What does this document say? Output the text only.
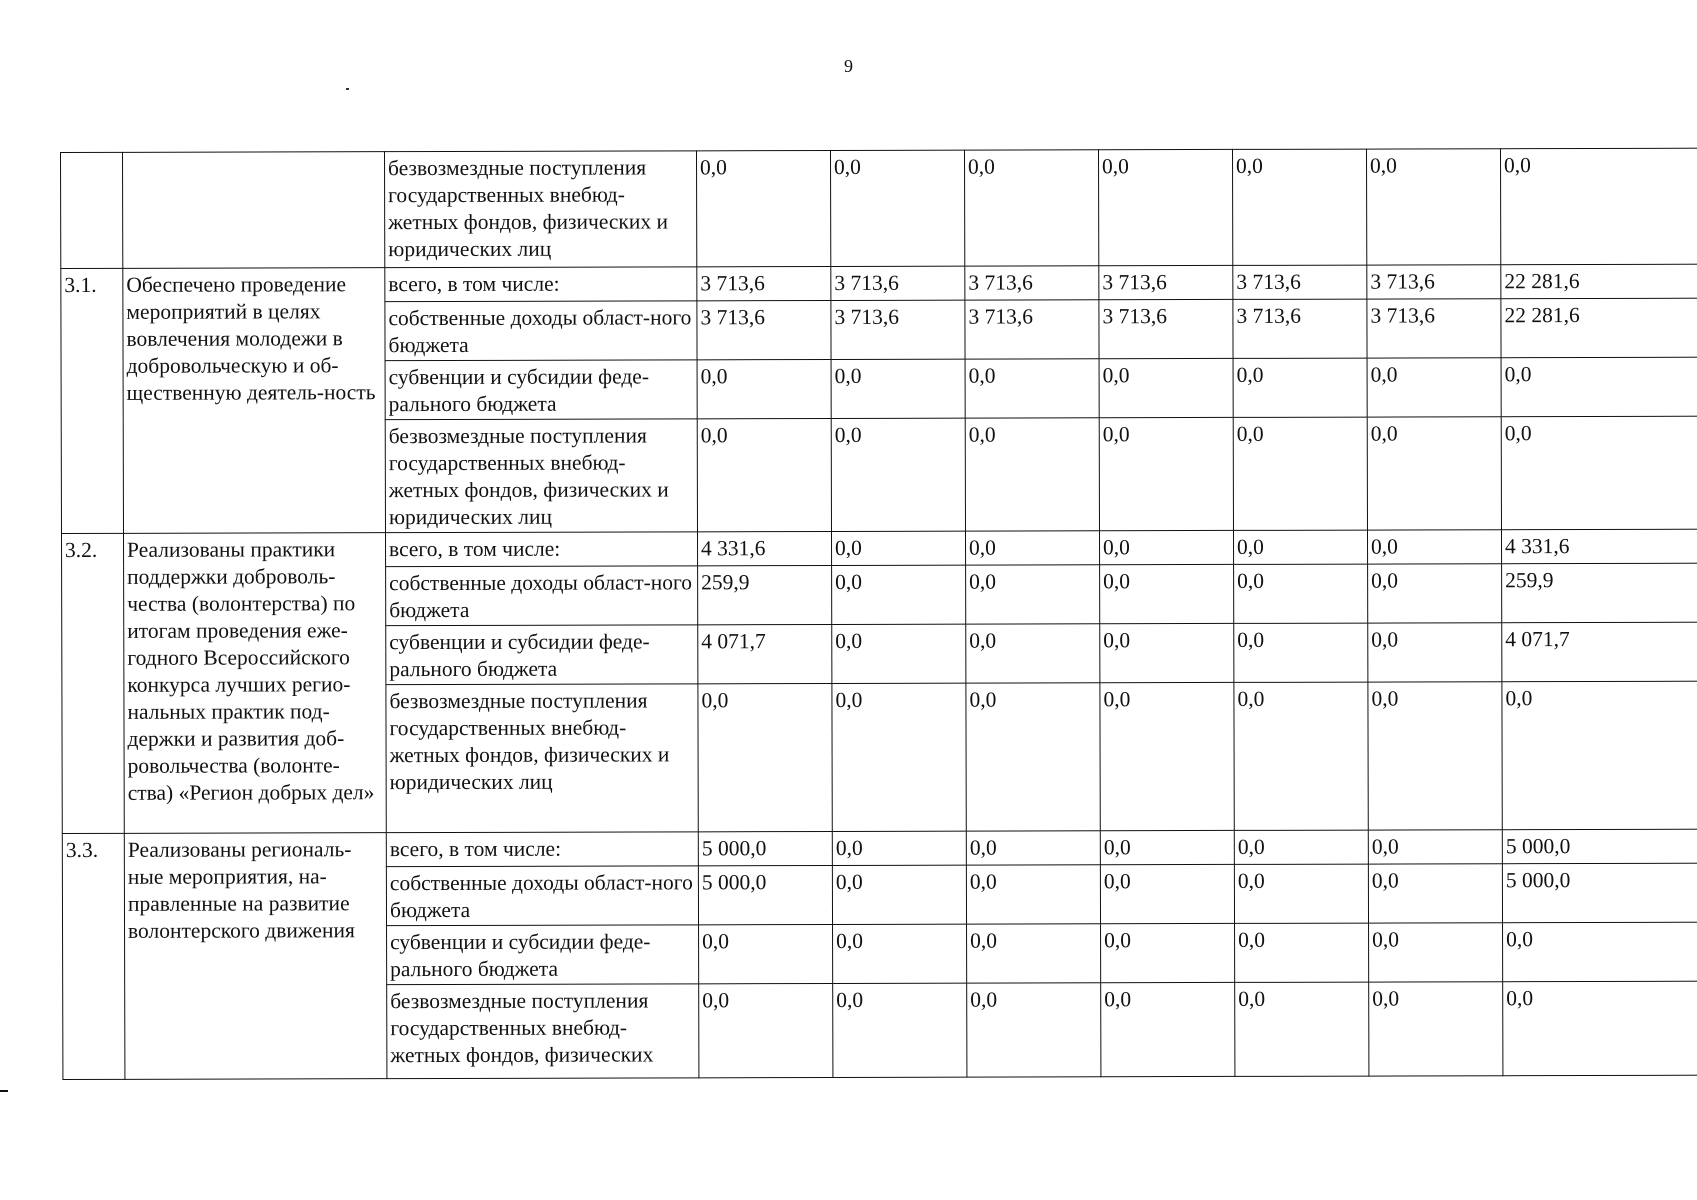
9
		безвозмездные поступления государственных внебюд-жетных фондов, физических и юридических лиц	0,0	0,0	0,0	0,0	0,0	0,0	0,0
3.1.	Обеспечено проведение мероприятий в целях вовлечения молодежи в добровольческую и об-щественную деятель-ность	всего, в том числе:	3 713,6	3 713,6	3 713,6	3 713,6	3 713,6	3 713,6	22 281,6
		собственные доходы област-ного бюджета	3 713,6	3 713,6	3 713,6	3 713,6	3 713,6	3 713,6	22 281,6
		субвенции и субсидии феде-рального бюджета	0,0	0,0	0,0	0,0	0,0	0,0	0,0
		безвозмездные поступления государственных внебюд-жетных фондов, физических и юридических лиц	0,0	0,0	0,0	0,0	0,0	0,0	0,0
3.2.	Реализованы практики поддержки доброволь-чества (волонтерства) по итогам проведения еже-годного Всероссийского конкурса лучших регио-нальных практик под-держки и развития доб-ровольчества (волонте-ства) «Регион добрых дел»	всего, в том числе:	4 331,6	0,0	0,0	0,0	0,0	0,0	4 331,6
		собственные доходы област-ного бюджета	259,9	0,0	0,0	0,0	0,0	0,0	259,9
		субвенции и субсидии феде-рального бюджета	4 071,7	0,0	0,0	0,0	0,0	0,0	4 071,7
		безвозмездные поступления государственных внебюд-жетных фондов, физических и юридических лиц	0,0	0,0	0,0	0,0	0,0	0,0	0,0
3.3.	Реализованы региональ-ные мероприятия, на-правленные на развитие волонтерского движения	всего, в том числе:	5 000,0	0,0	0,0	0,0	0,0	0,0	5 000,0
		собственные доходы област-ного бюджета	5 000,0	0,0	0,0	0,0	0,0	0,0	5 000,0
		субвенции и субсидии феде-рального бюджета	0,0	0,0	0,0	0,0	0,0	0,0	0,0
		безвозмездные поступления государственных внебюд-жетных фондов, физических	0,0	0,0	0,0	0,0	0,0	0,0	0,0
